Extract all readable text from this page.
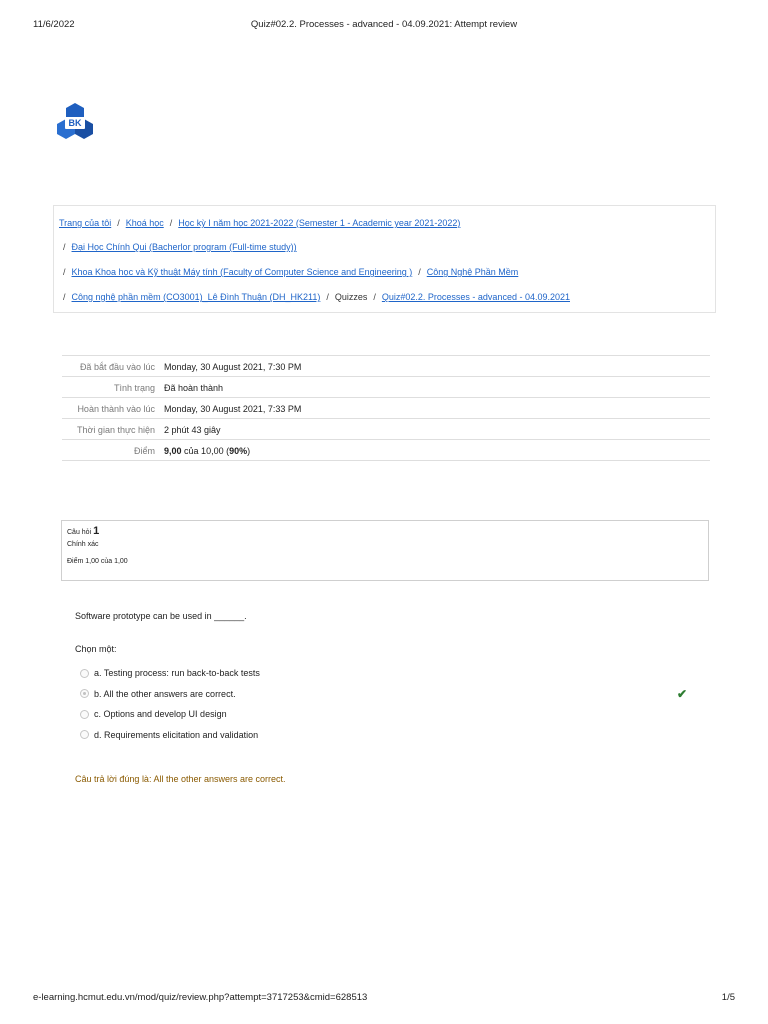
11/6/2022	Quiz#02.2. Processes - advanced - 04.09.2021: Attempt review
BK BÁCH KHOA E-LEARNING
Trang của tôi / Khoá học / Học kỳ I năm học 2021-2022 (Semester 1 - Academic year 2021-2022)
/ Đại Học Chính Qui (Bacherlor program (Full-time study))
/ Khoa Khoa học và Kỹ thuật Máy tính (Faculty of Computer Science and Engineering ) / Công Nghệ Phần Mềm
/ Công nghệ phần mềm (CO3001)_Lê Đình Thuận (DH_HK211) / Quizzes / Quiz#02.2. Processes - advanced - 04.09.2021
Đã bắt đầu vào lúc	Monday, 30 August 2021, 7:30 PM
Tình trạng	Đã hoàn thành
Hoàn thành vào lúc	Monday, 30 August 2021, 7:33 PM
Thời gian thực hiện	2 phút 43 giây
Điểm	9,00 của 10,00 (90%)
Câu hỏi 1
Chính xác
Điểm 1,00 của 1,00
Software prototype can be used in ______.
Chọn một:
a. Testing process: run back-to-back tests
b. All the other answers are correct.	✔
c. Options and develop UI design
d. Requirements elicitation and validation
Câu trả lời đúng là: All the other answers are correct.
e-learning.hcmut.edu.vn/mod/quiz/review.php?attempt=3717253&cmid=628513	1/5
